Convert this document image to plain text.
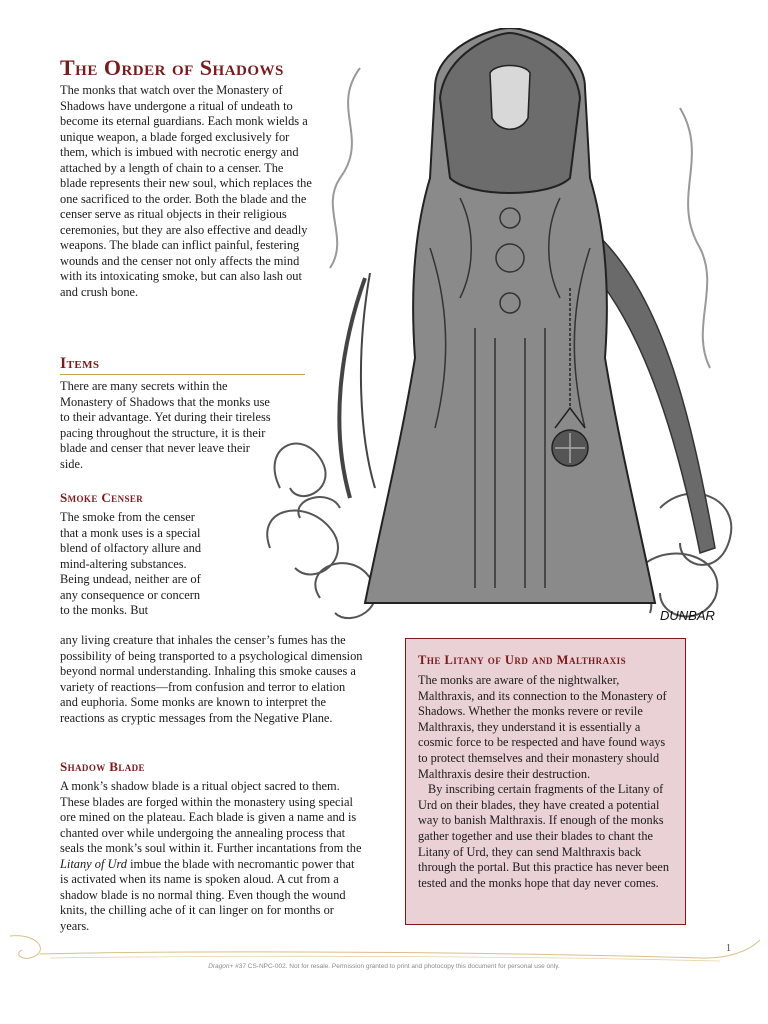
The Order of Shadows

The monks that watch over the Monastery of Shadows have undergone a ritual of undeath to become its eternal guardians. Each monk wields a unique weapon, a blade forged exclusively for them, which is imbued with necrotic energy and attached by a length of chain to a censer. The blade represents their new soul, which replaces the one sacrificed to the order. Both the blade and the censer serve as ritual objects in their religious ceremonies, but they are also effective and deadly weapons. The blade can inflict painful, festering wounds and the censer not only affects the mind with its intoxicating smoke, but can also lash out and crush bone.

Items

There are many secrets within the Monastery of Shadows that the monks use to their advantage. Yet during their tireless pacing throughout the structure, it is their blade and censer that never leave their side.

Smoke Censer

The smoke from the censer that a monk uses is a special blend of olfactory allure and mind-altering substances. Being undead, neither are of any consequence or concern to the monks. But

any living creature that inhales the censer’s fumes has the possibility of being transported to a psychological dimension beyond normal understanding. Inhaling this smoke causes a variety of reactions—from confusion and terror to elation and euphoria. Some monks are known to interpret the reactions as cryptic messages from the Negative Plane.

Shadow Blade

A monk’s shadow blade is a ritual object sacred to them. These blades are forged within the monastery using special ore mined on the plateau. Each blade is given a name and is chanted over while undergoing the annealing process that seals the monk’s soul within it. Further incantations from the Litany of Urd imbue the blade with necromantic power that is activated when its name is spoken aloud. A cut from a shadow blade is no normal thing. Even though the wound knits, the chilling ache of it can linger on for months or years.

DUNBAR
The Litany of Urd and Malthraxis

The monks are aware of the nightwalker, Malthraxis, and its connection to the Monastery of Shadows. Whether the monks revere or revile Malthraxis, they understand it is essentially a cosmic force to be respected and have found ways to protect themselves and their monastery should Malthraxis desire their destruction.

By inscribing certain fragments of the Litany of Urd on their blades, they have created a potential way to banish Malthraxis. If enough of the monks gather together and use their blades to chant the Litany of Urd, they can send Malthraxis back through the portal. But this practice has never been tested and the monks hope that day never comes.

1

Dragon+ #37 CS-NPC-002. Not for resale. Permission granted to print and photocopy this document for personal use only.
